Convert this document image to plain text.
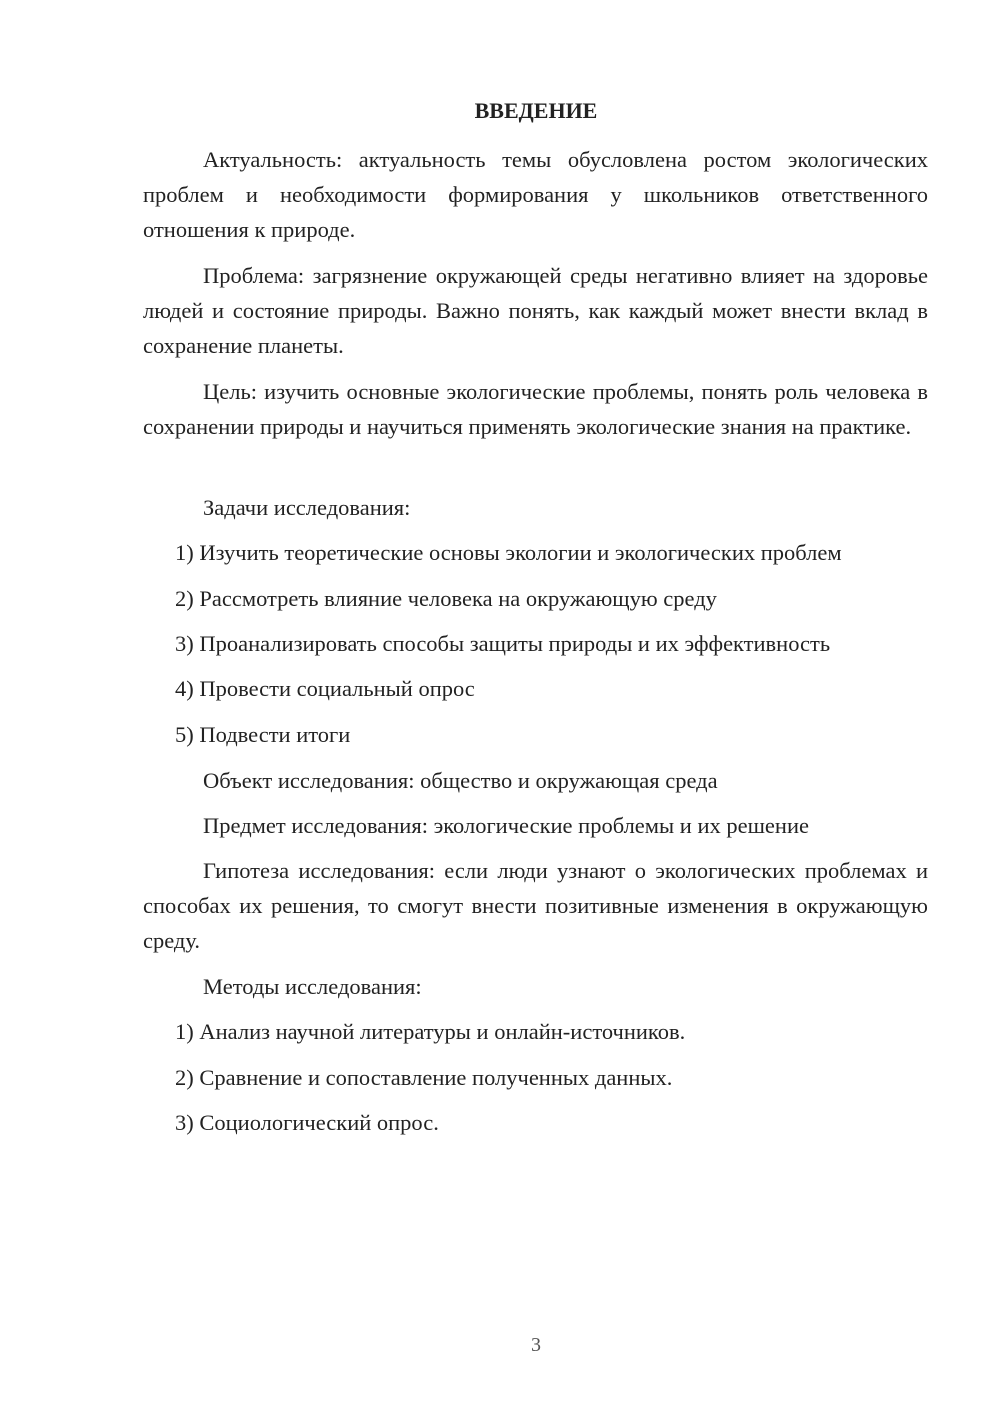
ВВЕДЕНИЕ

Актуальность: актуальность темы обусловлена ростом экологических проблем и необходимости формирования у школьников ответственного отношения к природе.

Проблема: загрязнение окружающей среды негативно влияет на здоровье людей и состояние природы. Важно понять, как каждый может внести вклад в сохранение планеты.

Цель: изучить основные экологические проблемы, понять роль человека в сохранении природы и научиться применять экологические знания на практике.

Задачи исследования:

1) Изучить теоретические основы экологии и экологических проблем

2) Рассмотреть влияние человека на окружающую среду

3) Проанализировать способы защиты природы и их эффективность

4) Провести социальный опрос

5) Подвести итоги

Объект исследования: общество и окружающая среда

Предмет исследования: экологические проблемы и их решение

Гипотеза исследования: если люди узнают о экологических проблемах и способах их решения, то смогут внести позитивные изменения в окружающую среду.

Методы исследования:

1) Анализ научной литературы и онлайн-источников.

2) Сравнение и сопоставление полученных данных.

3) Социологический опрос.

3
